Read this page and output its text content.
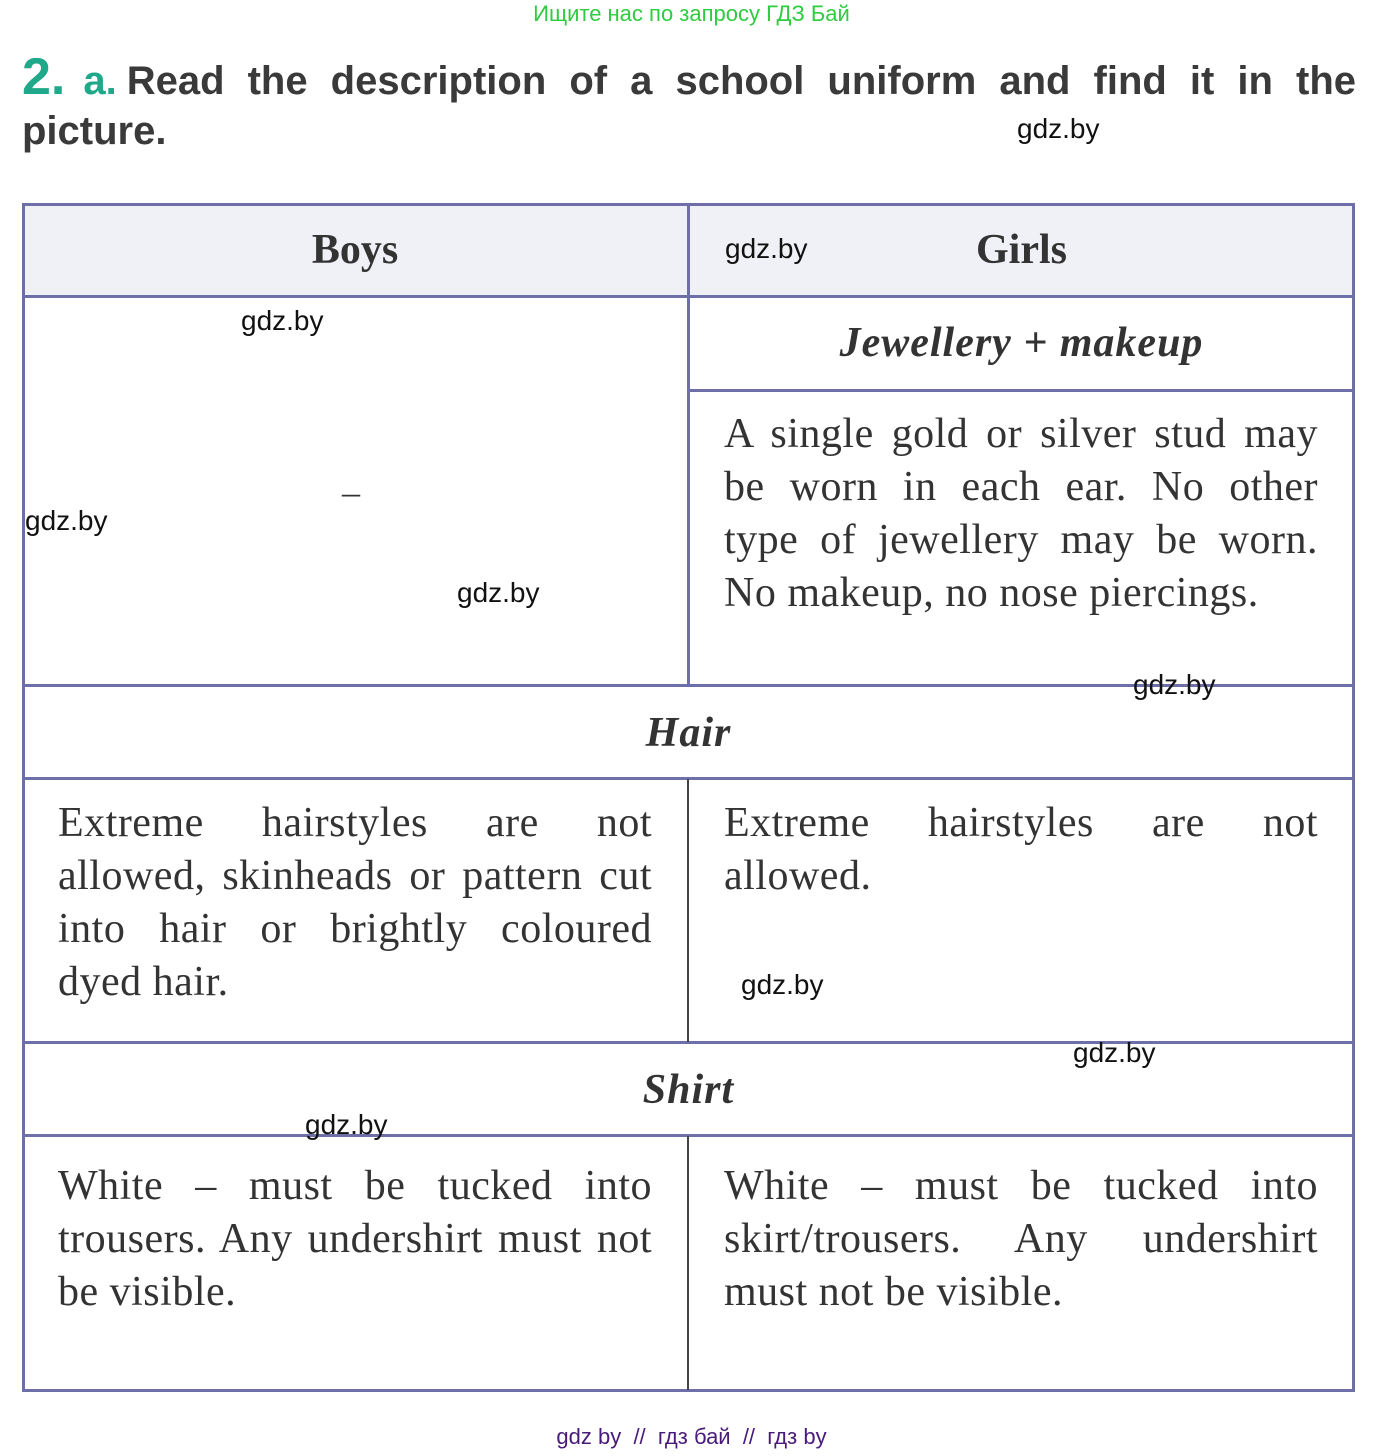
Ищите нас по запросу ГДЗ Бай
2. a. Read the description of a school uniform and find it in the picture.
Boys	Girls
Jewellery + makeup
–
A single gold or silver stud may be worn in each ear. No other type of jewellery may be worn. No makeup, no nose piercings.
Hair
Extreme hairstyles are not allowed, skinheads or pattern cut into hair or brightly coloured dyed hair.
Extreme hairstyles are not allowed.
Shirt
White – must be tucked into trousers. Any undershirt must not be visible.
White – must be tucked into skirt/trousers. Any undershirt must not be visible.
gdz.by
gdz.by
gdz.by
gdz.by
gdz.by
gdz.by
gdz.by
gdz.by
gdz.by
gdz by  //  гдз бай  //  гдз by
